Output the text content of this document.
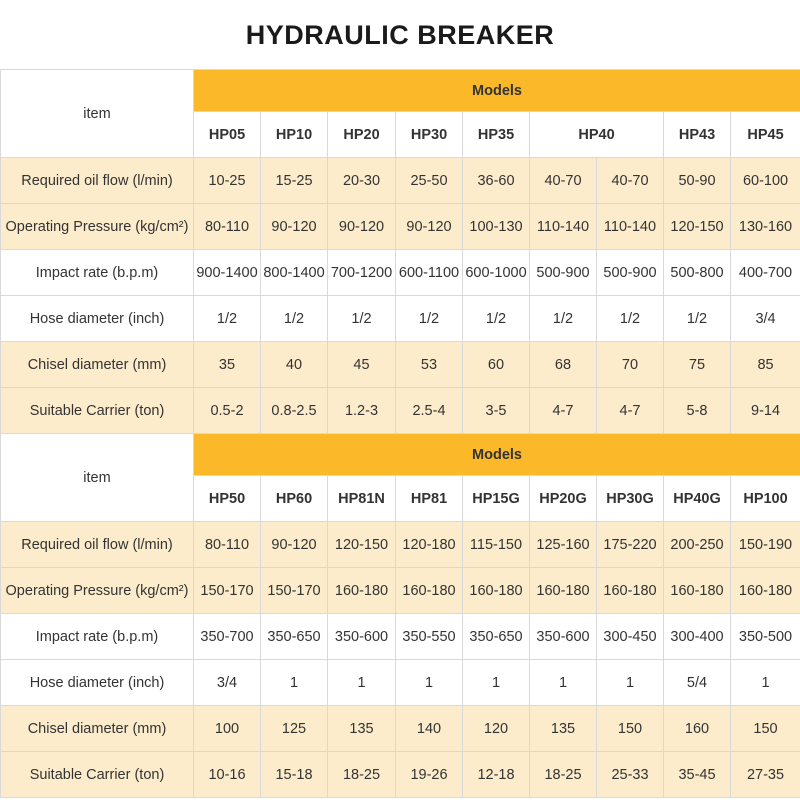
HYDRAULIC BREAKER
item	Models								
	HP05	HP10	HP20	HP30	HP35	HP40		HP43	HP45
Required oil flow (l/min)	10-25	15-25	20-30	25-50	36-60	40-70	40-70	50-90	60-100
Operating Pressure (kg/cm²)	80-110	90-120	90-120	90-120	100-130	110-140	110-140	120-150	130-160
Impact rate (b.p.m)	900-1400	800-1400	700-1200	600-1100	600-1000	500-900	500-900	500-800	400-700
Hose diameter (inch)	1/2	1/2	1/2	1/2	1/2	1/2	1/2	1/2	3/4
Chisel diameter (mm)	35	40	45	53	60	68	70	75	85
Suitable Carrier (ton)	0.5-2	0.8-2.5	1.2-3	2.5-4	3-5	4-7	4-7	5-8	9-14
item	Models								
	HP50	HP60	HP81N	HP81	HP15G	HP20G	HP30G	HP40G	HP100
Required oil flow (l/min)	80-110	90-120	120-150	120-180	115-150	125-160	175-220	200-250	150-190
Operating Pressure (kg/cm²)	150-170	150-170	160-180	160-180	160-180	160-180	160-180	160-180	160-180
Impact rate (b.p.m)	350-700	350-650	350-600	350-550	350-650	350-600	300-450	300-400	350-500
Hose diameter (inch)	3/4	1	1	1	1	1	1	5/4	1
Chisel diameter (mm)	100	125	135	140	120	135	150	160	150
Suitable Carrier (ton)	10-16	15-18	18-25	19-26	12-18	18-25	25-33	35-45	27-35
